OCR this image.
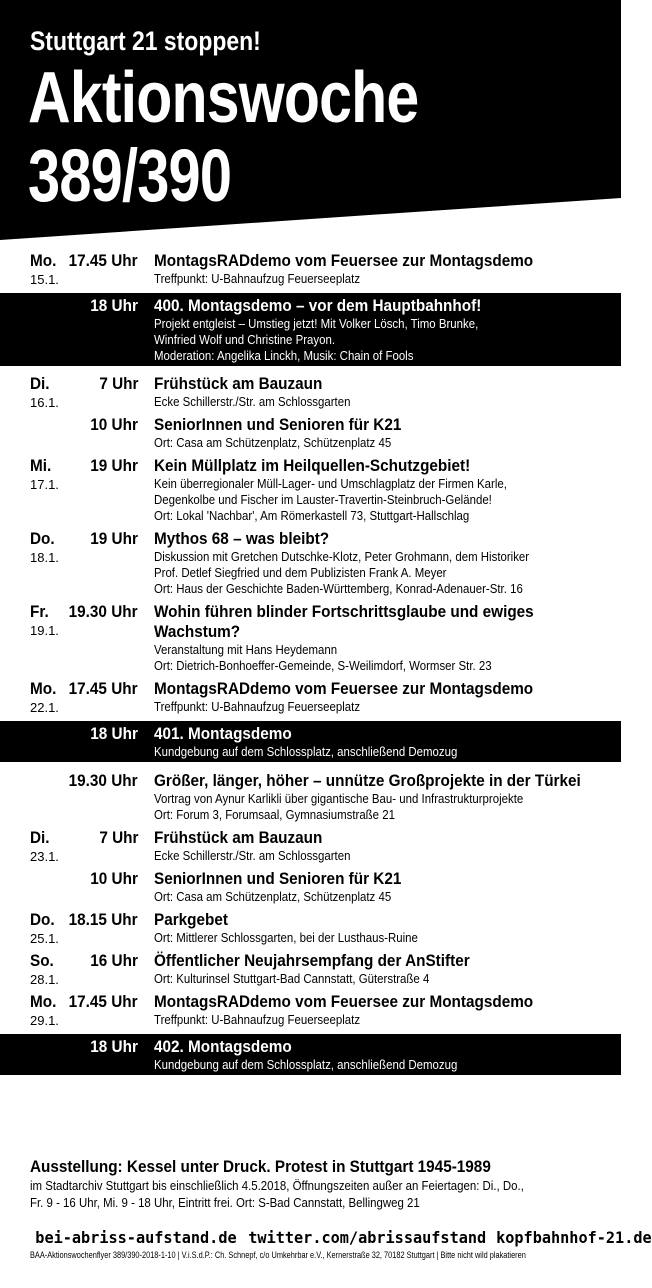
Stuttgart 21 stoppen!
Aktionswoche
389/390	15.1.- 29.1.
Mo.
15.1.
17.45 Uhr MontagsRADdemo vom Feuersee zur Montagsdemo
Treffpunkt: U-Bahnaufzug Feuerseeplatz
18 Uhr 400. Montagsdemo – vor dem Hauptbahnhof!
Projekt entgleist – Umstieg jetzt! Mit Volker Lösch, Timo Brunke,
Winfried Wolf und Christine Prayon.
Moderation: Angelika Linckh, Musik: Chain of Fools
Di.
16.1.
7 Uhr Frühstück am Bauzaun
Ecke Schillerstr./Str. am Schlossgarten
10 Uhr SeniorInnen und Senioren für K21
Ort: Casa am Schützenplatz, Schützenplatz 45
Mi.
17.1.
19 Uhr Kein Müllplatz im Heilquellen-Schutzgebiet!
Kein überregionaler Müll-Lager- und Umschlagplatz der Firmen Karle,
Degenkolbe und Fischer im Lauster-Travertin-Steinbruch-Gelände!
Ort: Lokal 'Nachbar', Am Römerkastell 73, Stuttgart-Hallschlag
Do.
18.1.
19 Uhr Mythos 68 – was bleibt?
Diskussion mit Gretchen Dutschke-Klotz, Peter Grohmann, dem Historiker
Prof. Detlef Siegfried und dem Publizisten Frank A. Meyer
Ort: Haus der Geschichte Baden-Württemberg, Konrad-Adenauer-Str. 16
Fr.
19.1.
19.30 Uhr Wohin führen blinder Fortschrittsglaube und ewiges Wachstum?
Veranstaltung mit Hans Heydemann
Ort: Dietrich-Bonhoeffer-Gemeinde, S-Weilimdorf, Wormser Str. 23
Mo.
22.1.
17.45 Uhr MontagsRADdemo vom Feuersee zur Montagsdemo
Treffpunkt: U-Bahnaufzug Feuerseeplatz
18 Uhr 401. Montagsdemo
Kundgebung auf dem Schlossplatz, anschließend Demozug
19.30 Uhr Größer, länger, höher – unnütze Großprojekte in der Türkei
Vortrag von Aynur Karlikli über gigantische Bau- und Infrastrukturprojekte
Ort: Forum 3, Forumsaal, Gymnasiumstraße 21
Di.
23.1.
7 Uhr Frühstück am Bauzaun
Ecke Schillerstr./Str. am Schlossgarten
10 Uhr SeniorInnen und Senioren für K21
Ort: Casa am Schützenplatz, Schützenplatz 45
Do.
25.1.
18.15 Uhr Parkgebet
Ort: Mittlerer Schlossgarten, bei der Lusthaus-Ruine
So.
28.1.
16 Uhr Öffentlicher Neujahrsempfang der AnStifter
Ort: Kulturinsel Stuttgart-Bad Cannstatt, Güterstraße 4
Mo.
29.1.
17.45 Uhr MontagsRADdemo vom Feuersee zur Montagsdemo
Treffpunkt: U-Bahnaufzug Feuerseeplatz
18 Uhr 402. Montagsdemo
Kundgebung auf dem Schlossplatz, anschließend Demozug
Ausstellung: Kessel unter Druck. Protest in Stuttgart 1945-1989
im Stadtarchiv Stuttgart bis einschließlich 4.5.2018, Öffnungszeiten außer an Feiertagen: Di., Do.,
Fr. 9 - 16 Uhr, Mi. 9 - 18 Uhr, Eintritt frei. Ort: S-Bad Cannstatt, Bellingweg 21
bei-abriss-aufstand.de twitter.com/abrissaufstand kopfbahnhof-21.de
BAA-Aktionswochenflyer 389/390-2018-1-10 | V.i.S.d.P.: Ch. Schnepf, c/o Umkehrbar e.V., Kernerstraße 32, 70182 Stuttgart | Bitte nicht wild plakatieren
